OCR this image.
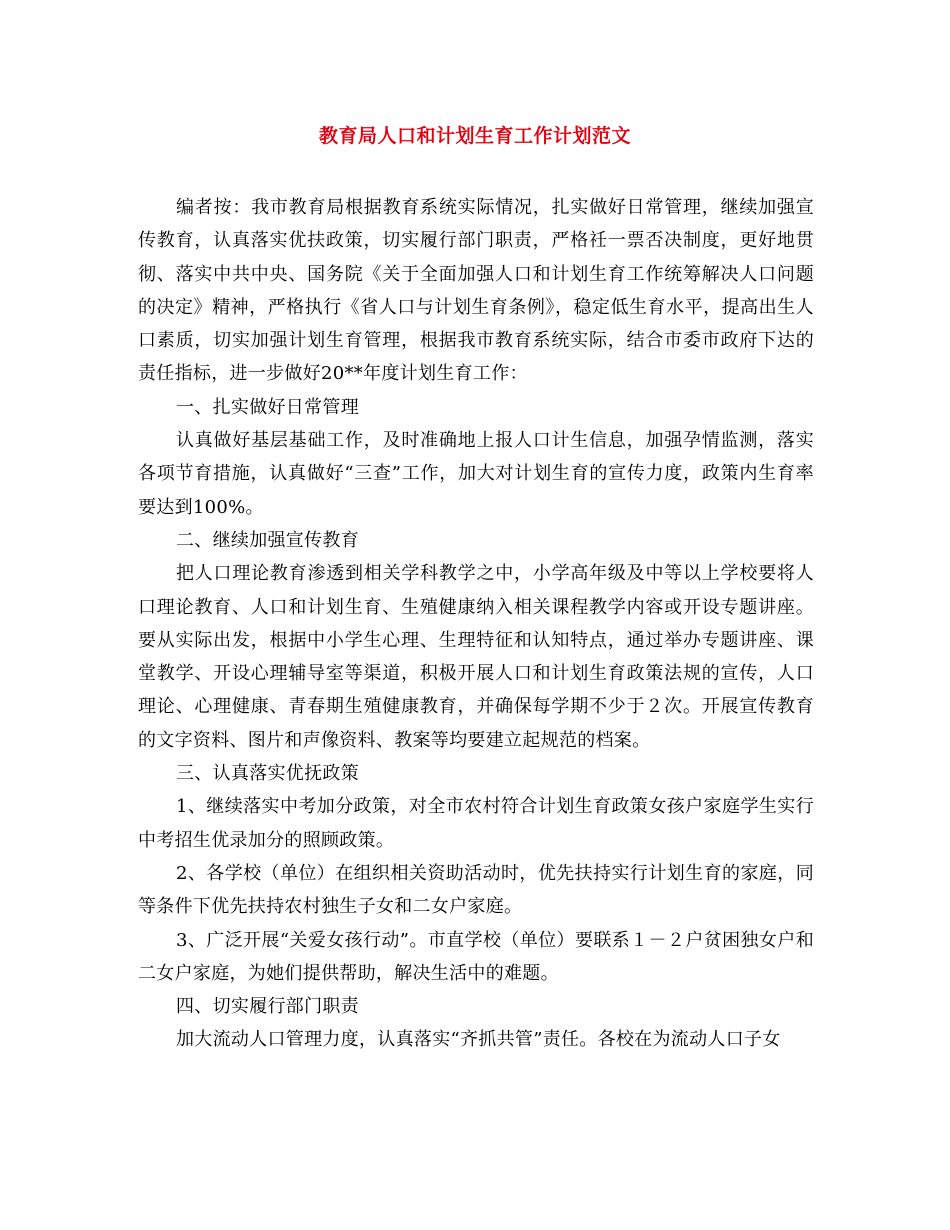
教育局人口和计划生育工作计划范文

编者按：我市教育局根据教育系统实际情况，扎实做好日常管理，继续加强宣传教育，认真落实优扶政策，切实履行部门职责，严格祍一票否决制度，更好地贯彻、落实中共中央、国务院《关于全面加强人口和计划生育工作统筹解决人口问题的决定》精神，严格执行《省人口与计划生育条例》，稳定低生育水平，提高出生人口素质，切实加强计划生育管理，根据我市教育系统实际，结合市委市政府下达的责任指标，进一步做好20**年度计划生育工作：

一、扎实做好日常管理

认真做好基层基础工作，及时准确地上报人口计生信息，加强孕情监测，落实各项节育措施，认真做好“三查”工作，加大对计划生育的宣传力度，政策内生育率要达到100%。

二、继续加强宣传教育

把人口理论教育渗透到相关学科教学之中，小学高年级及中等以上学校要将人口理论教育、人口和计划生育、生殖健康纳入相关课程教学内容或开设专题讲座。要从实际出发，根据中小学生心理、生理特征和认知特点，通过举办专题讲座、课堂教学、开设心理辅导室等渠道，积极开展人口和计划生育政策法规的宣传，人口理论、心理健康、青春期生殖健康教育，并确保每学期不少于２次。开展宣传教育的文字资料、图片和声像资料、教案等均要建立起规范的档案。

三、认真落实优抚政策

1、继续落实中考加分政策，对全市农村符合计划生育政策女孩户家庭学生实行中考招生优录加分的照顾政策。

2、各学校（单位）在组织相关资助活动时，优先扶持实行计划生育的家庭，同等条件下优先扶持农村独生子女和二女户家庭。

3、广泛开展“关爱女孩行动”。市直学校（单位）要联系１－２户贫困独女户和二女户家庭，为她们提供帮助，解决生活中的难题。

四、切实履行部门职责

加大流动人口管理力度，认真落实“齐抓共管”责任。各校在为流动人口子女
